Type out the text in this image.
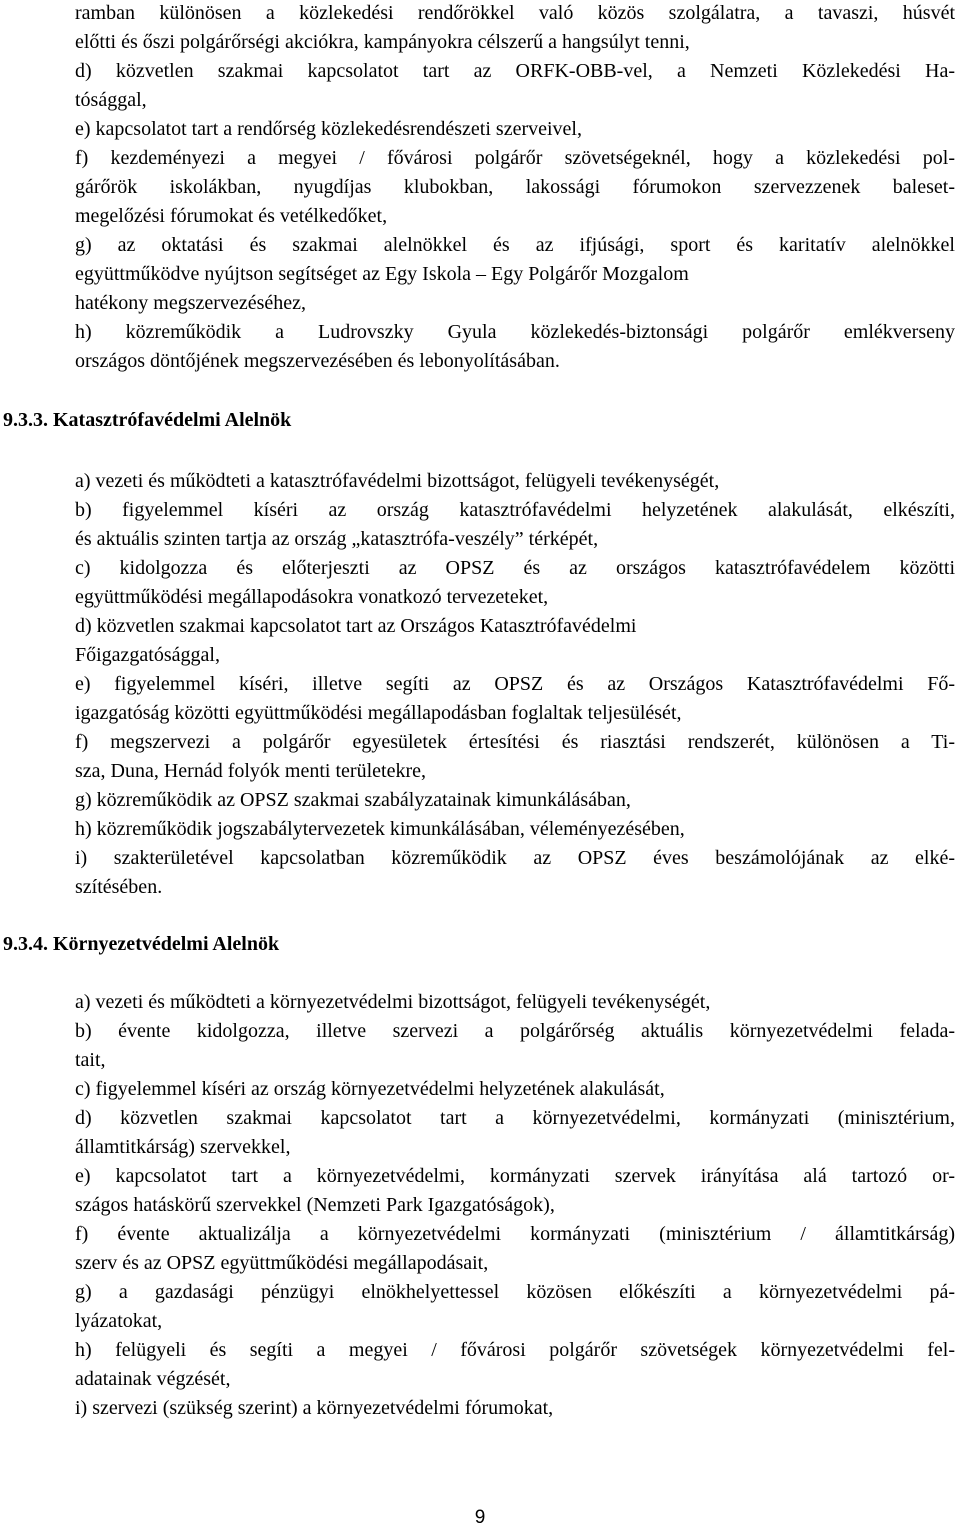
ramban különösen a közlekedési rendőrökkel való közös szolgálatra, a tavaszi, húsvét
előtti és őszi polgárőrségi akciókra, kampányokra célszerű a hangsúlyt tenni,
d) közvetlen szakmai kapcsolatot tart az ORFK-OBB-vel, a Nemzeti Közlekedési Ha-
tósággal,
e) kapcsolatot tart a rendőrség közlekedésrendészeti szerveivel,
f) kezdeményezi a megyei / fővárosi polgárőr szövetségeknél, hogy a közlekedési pol-
gárőrök iskolákban, nyugdíjas klubokban, lakossági fórumokon szervezzenek baleset-
megelőzési fórumokat és vetélkedőket,
g) az oktatási és szakmai alelnökkel és az ifjúsági, sport és karitatív alelnökkel
együttműködve nyújtson segítséget az Egy Iskola – Egy Polgárőr Mozgalom
hatékony megszervezéséhez,
h) közreműködik a Ludrovszky Gyula közlekedés-biztonsági polgárőr emlékverseny
országos döntőjének megszervezésében és lebonyolításában.
9.3.3. Katasztrófavédelmi Alelnök
a) vezeti és működteti a katasztrófavédelmi bizottságot, felügyeli tevékenységét,
b) figyelemmel kíséri az ország katasztrófavédelmi helyzetének alakulását, elkészíti,
és aktuális szinten tartja az ország „katasztrófa-veszély” térképét,
c) kidolgozza és előterjeszti az OPSZ és az országos katasztrófavédelem közötti
együttműködési megállapodásokra vonatkozó tervezeteket,
d) közvetlen szakmai kapcsolatot tart az Országos Katasztrófavédelmi
Főigazgatósággal,
e) figyelemmel kíséri, illetve segíti az OPSZ és az Országos Katasztrófavédelmi Fő-
igazgatóság közötti együttműködési megállapodásban foglaltak teljesülését,
f) megszervezi a polgárőr egyesületek értesítési és riasztási rendszerét, különösen a Ti-
sza, Duna, Hernád folyók menti területekre,
g) közreműködik az OPSZ szakmai szabályzatainak kimunkálásában,
h) közreműködik jogszabálytervezetek kimunkálásában, véleményezésében,
i) szakterületével kapcsolatban közreműködik az OPSZ éves beszámolójának az elké-
szítésében.
9.3.4. Környezetvédelmi Alelnök
a) vezeti és működteti a környezetvédelmi bizottságot, felügyeli tevékenységét,
b) évente kidolgozza, illetve szervezi a polgárőrség aktuális környezetvédelmi felada-
tait,
c) figyelemmel kíséri az ország környezetvédelmi helyzetének alakulását,
d) közvetlen szakmai kapcsolatot tart a környezetvédelmi, kormányzati (minisztérium,
államtitkárság) szervekkel,
e) kapcsolatot tart a környezetvédelmi, kormányzati szervek irányítása alá tartozó or-
szágos hatáskörű szervekkel (Nemzeti Park Igazgatóságok),
f) évente aktualizálja a környezetvédelmi kormányzati (minisztérium / államtitkárság)
szerv és az OPSZ együttműködési megállapodásait,
g) a gazdasági pénzügyi elnökhelyettessel közösen előkészíti a környezetvédelmi pá-
lyázatokat,
h) felügyeli és segíti a megyei / fővárosi polgárőr szövetségek környezetvédelmi fel-
adatainak végzését,
i) szervezi (szükség szerint) a környezetvédelmi fórumokat,
9
